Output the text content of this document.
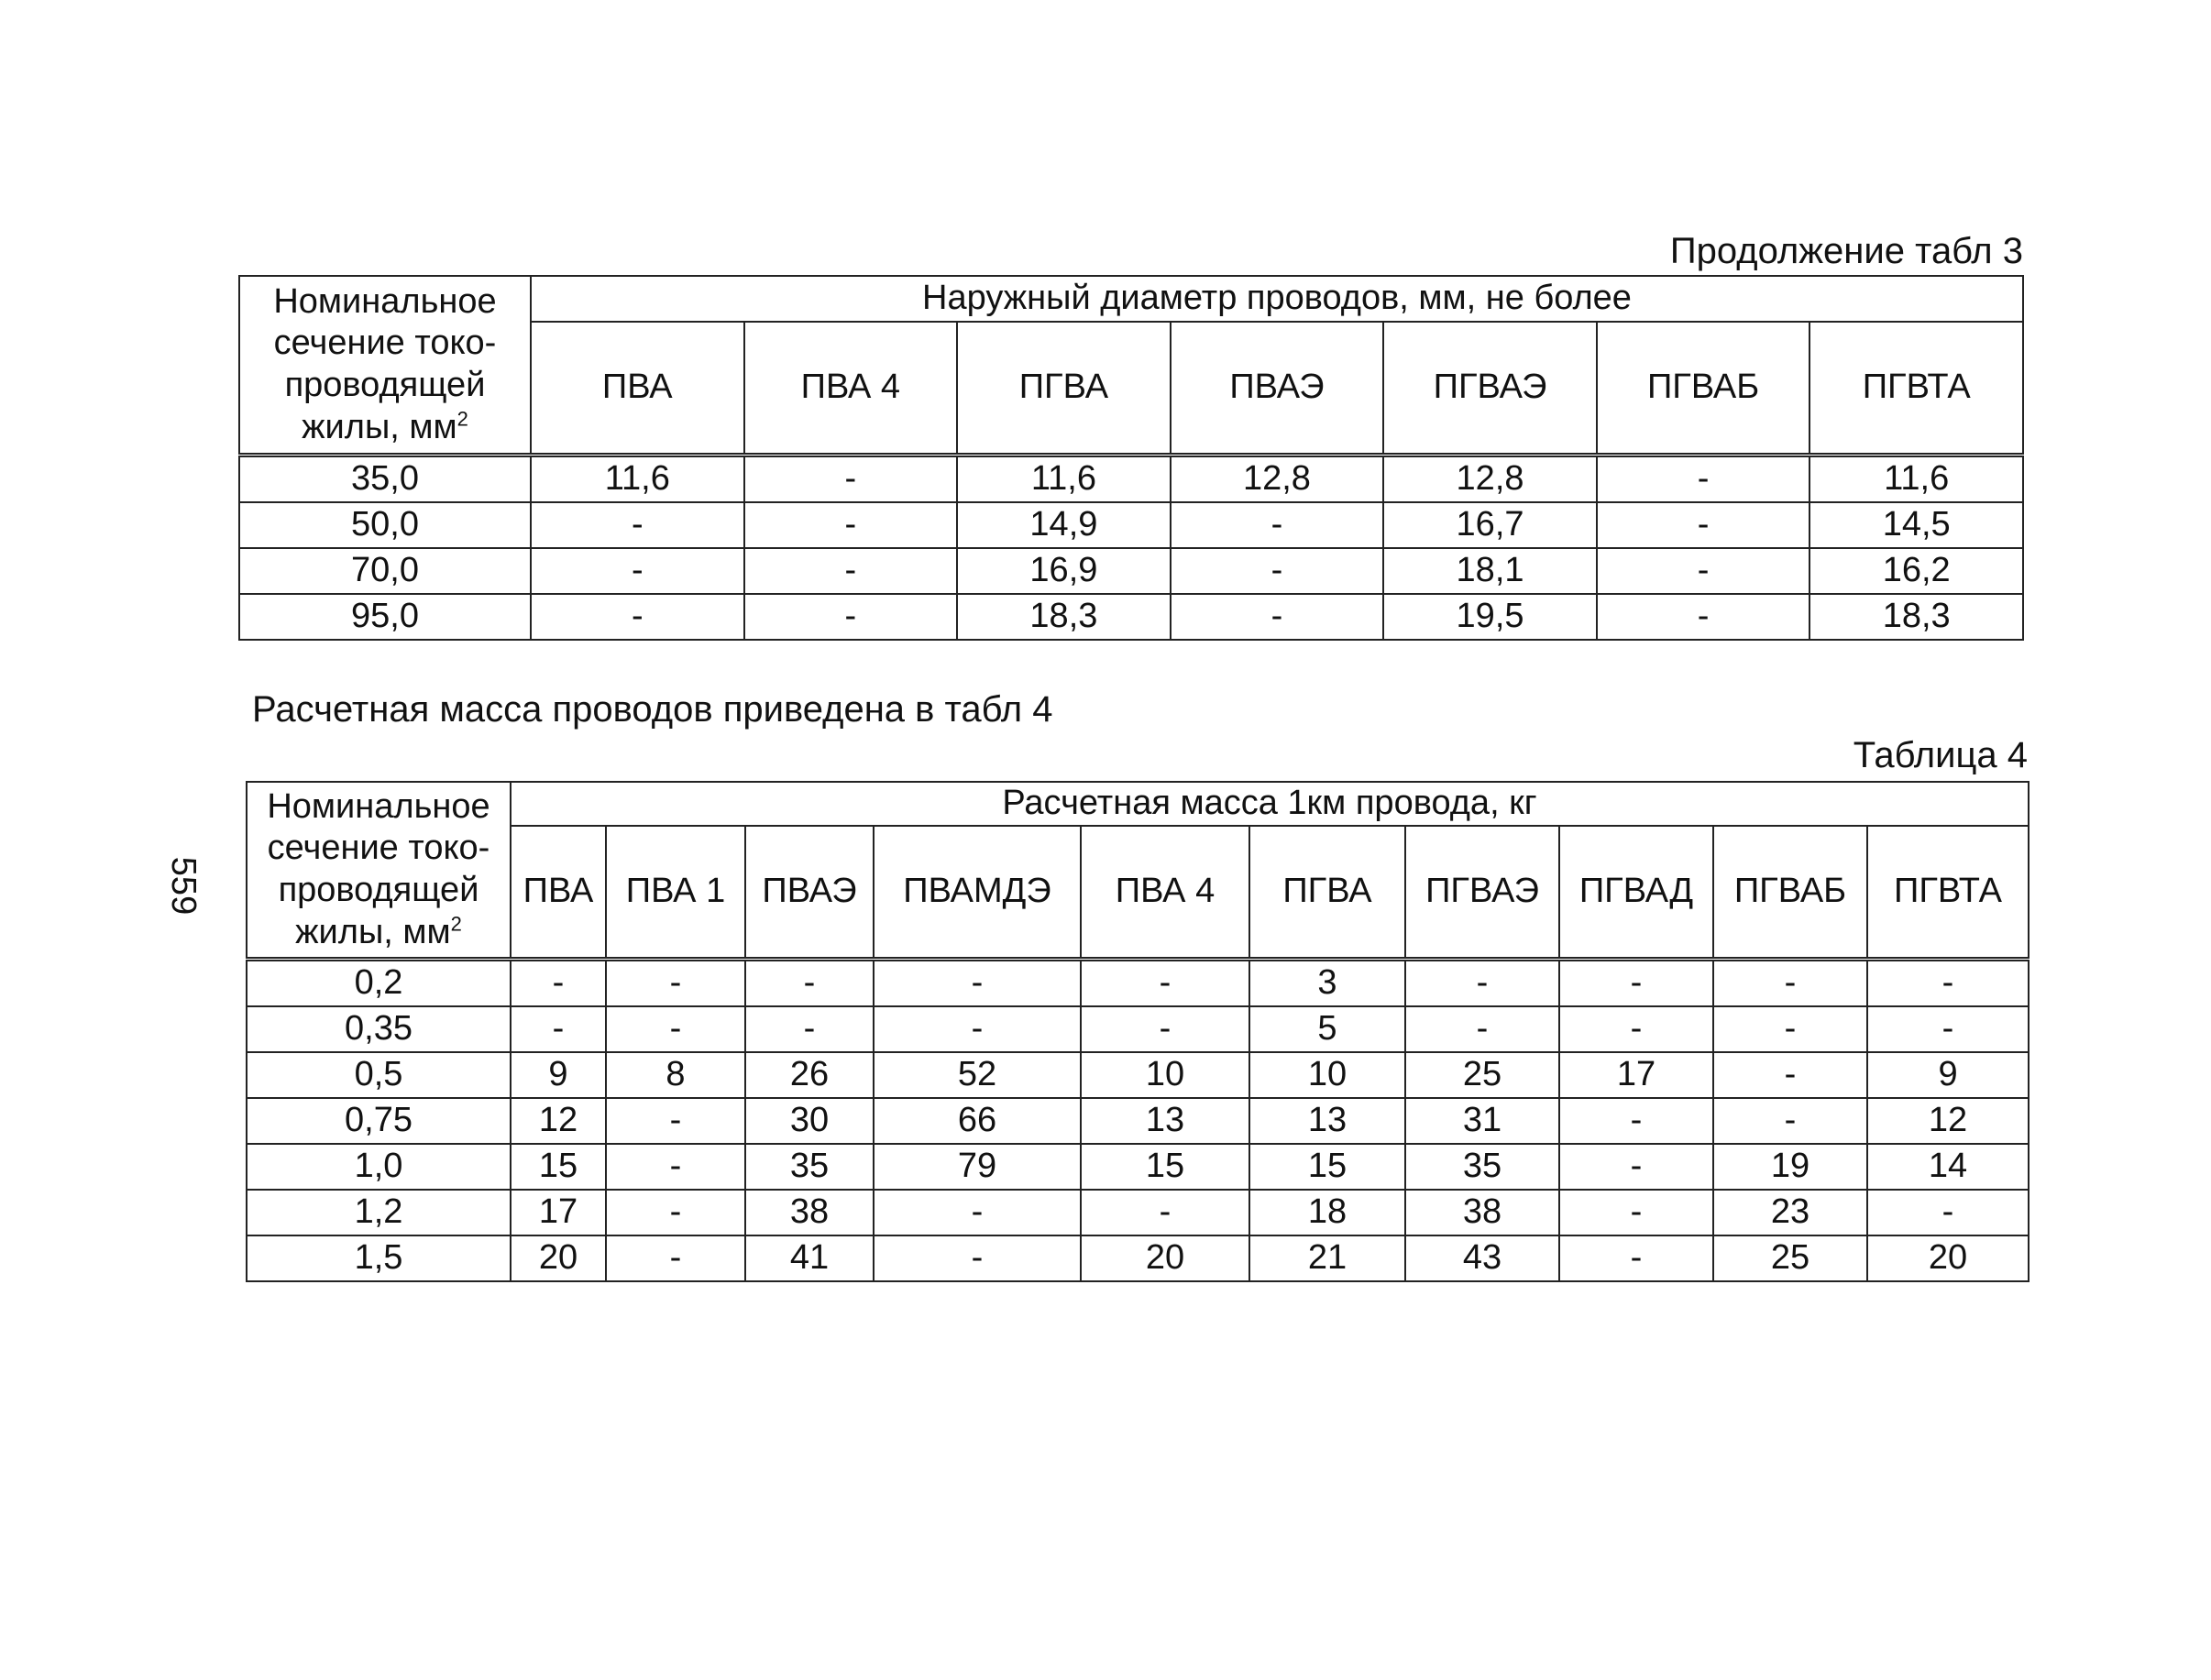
Продолжение табл 3
Номинальное
сечение токо-
проводящей
жилы, $мм^2$	Наружный диаметр проводов, мм, не более						
	ПВА	ПВА 4	ПГВА	ПВАЭ	ПГВАЭ	ПГВАБ	ПГВТА
35,0	11,6	-	11,6	12,8	12,8	-	11,6
50,0	-	-	14,9	-	16,7	-	14,5
70,0	-	-	16,9	-	18,1	-	16,2
95,0	-	-	18,3	-	19,5	-	18,3
Расчетная масса проводов приведена в табл 4
Таблица 4
Номинальное
сечение токо-
проводящей
жилы, $мм^2$	Расчетная масса 1км провода, кг									
	ПВА	ПВА 1	ПВАЭ	ПВАМДЭ	ПВА 4	ПГВА	ПГВАЭ	ПГВАД	ПГВАБ	ПГВТА
0,2	-	-	-	-	-	3	-	-	-	-
0,35	-	-	-	-	-	5	-	-	-	-
0,5	9	8	26	52	10	10	25	17	-	9
0,75	12	-	30	66	13	13	31	-	-	12
1,0	15	-	35	79	15	15	35	-	19	14
1,2	17	-	38	-	-	18	38	-	23	-
1,5	20	-	41	-	20	21	43	-	25	20
559
